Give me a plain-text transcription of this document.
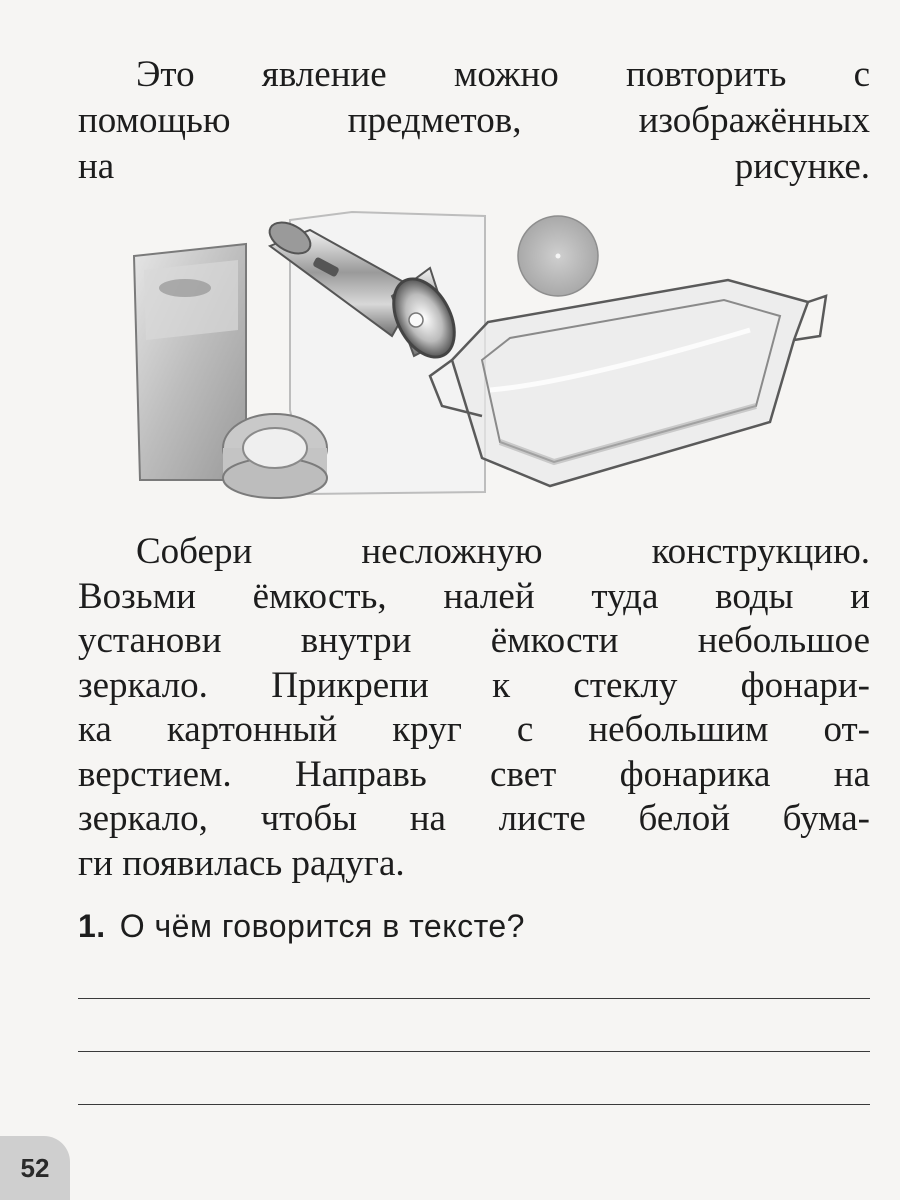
Это явление можно повторить с
помощью предметов, изображённых
на рисунке.
Собери несложную конструкцию.
Возьми ёмкость, налей туда воды и
установи внутри ёмкости небольшое
зеркало. Прикрепи к стеклу фонари-
ка картонный круг с небольшим от-
верстием. Направь свет фонарика на
зеркало, чтобы на листе белой бума-
ги появилась радуга.
1. О чём говорится в тексте?
52
